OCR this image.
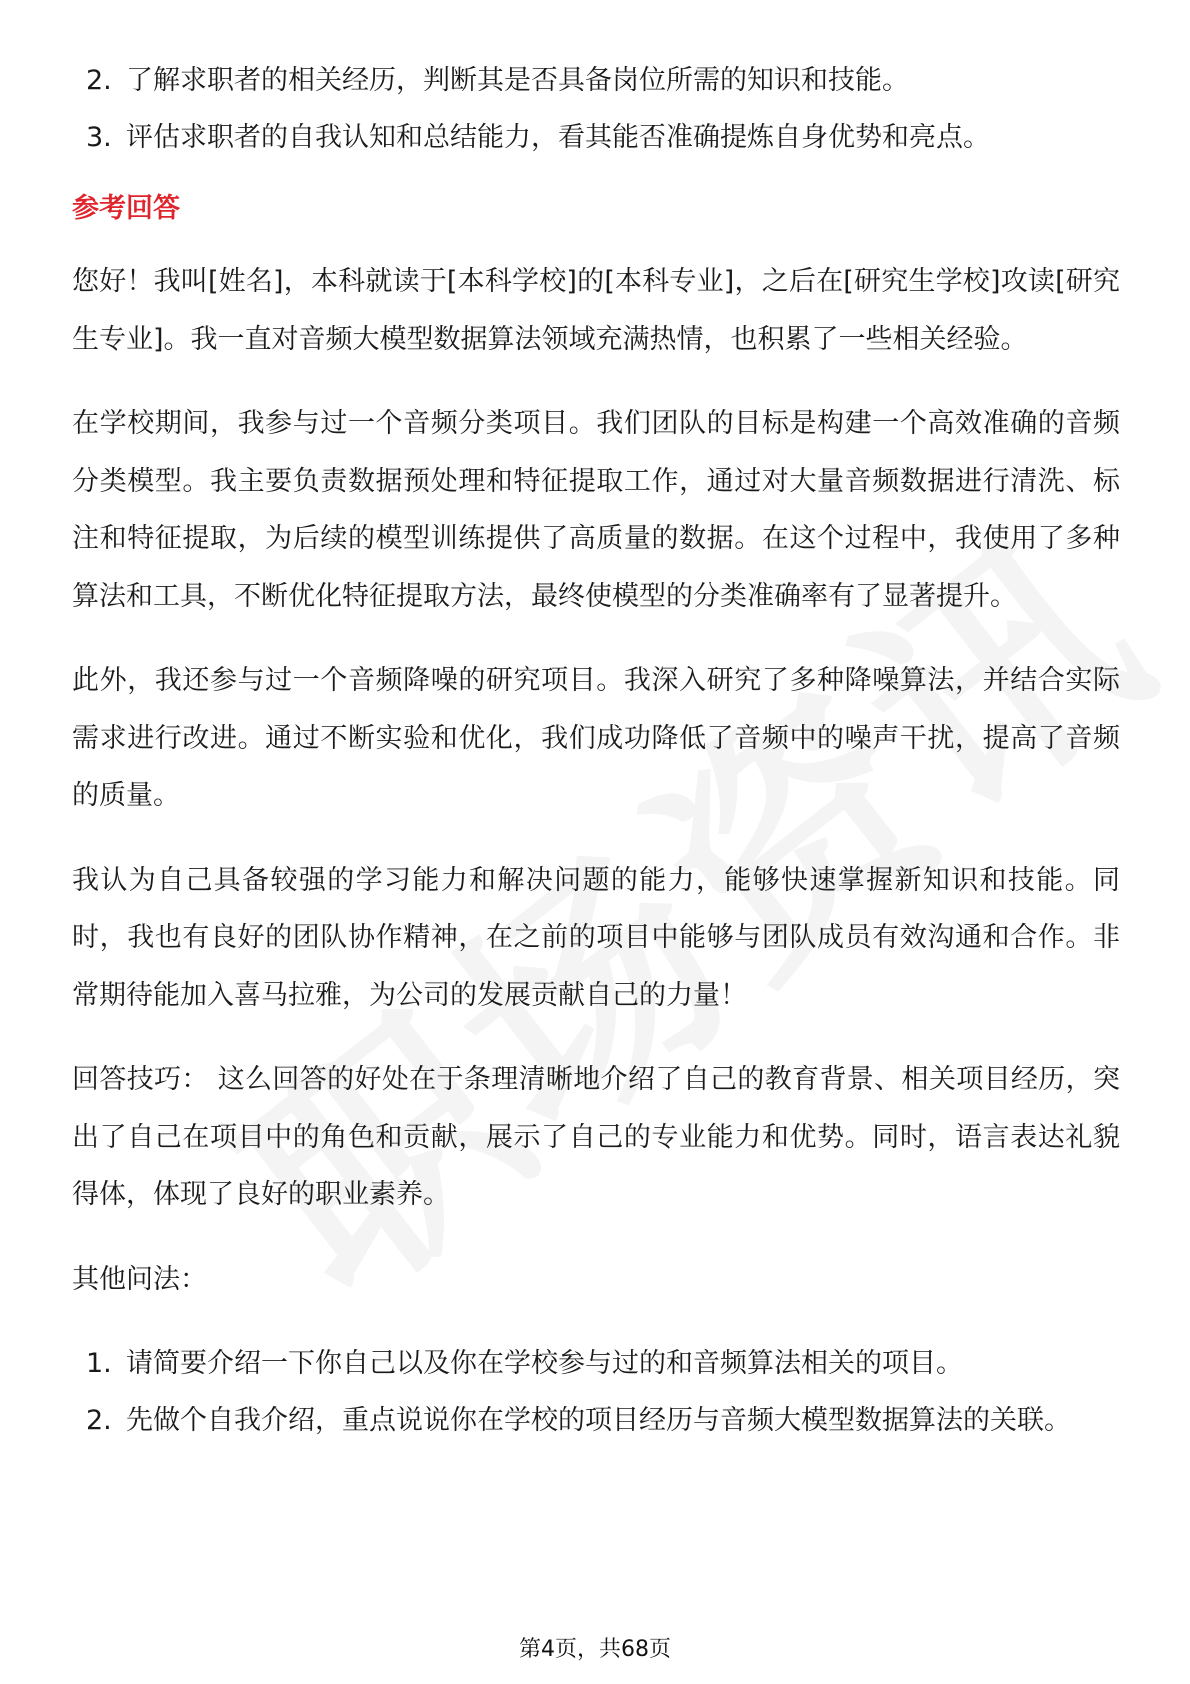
2. 了解求职者的相关经历，判断其是否具备岗位所需的知识和技能。
3. 评估求职者的自我认知和总结能力，看其能否准确提炼自身优势和亮点。
参考回答

您好！我叫[姓名]，本科就读于[本科学校]的[本科专业]，之后在[研究生学校]攻读[研究生专业]。我一直对音频大模型数据算法领域充满热情，也积累了一些相关经验。

在学校期间，我参与过一个音频分类项目。我们团队的目标是构建一个高效准确的音频分类模型。我主要负责数据预处理和特征提取工作，通过对大量音频数据进行清洗、标注和特征提取，为后续的模型训练提供了高质量的数据。在这个过程中，我使用了多种算法和工具，不断优化特征提取方法，最终使模型的分类准确率有了显著提升。

此外，我还参与过一个音频降噪的研究项目。我深入研究了多种降噪算法，并结合实际需求进行改进。通过不断实验和优化，我们成功降低了音频中的噪声干扰，提高了音频的质量。

我认为自己具备较强的学习能力和解决问题的能力，能够快速掌握新知识和技能。同时，我也有良好的团队协作精神，在之前的项目中能够与团队成员有效沟通和合作。非常期待能加入喜马拉雅，为公司的发展贡献自己的力量！

回答技巧： 这么回答的好处在于条理清晰地介绍了自己的教育背景、相关项目经历，突出了自己在项目中的角色和贡献，展示了自己的专业能力和优势。同时，语言表达礼貌得体，体现了良好的职业素养。

其他问法：

1. 请简要介绍一下你自己以及你在学校参与过的和音频算法相关的项目。
2. 先做个自我介绍，重点说说你在学校的项目经历与音频大模型数据算法的关联。
第4页，共68页
